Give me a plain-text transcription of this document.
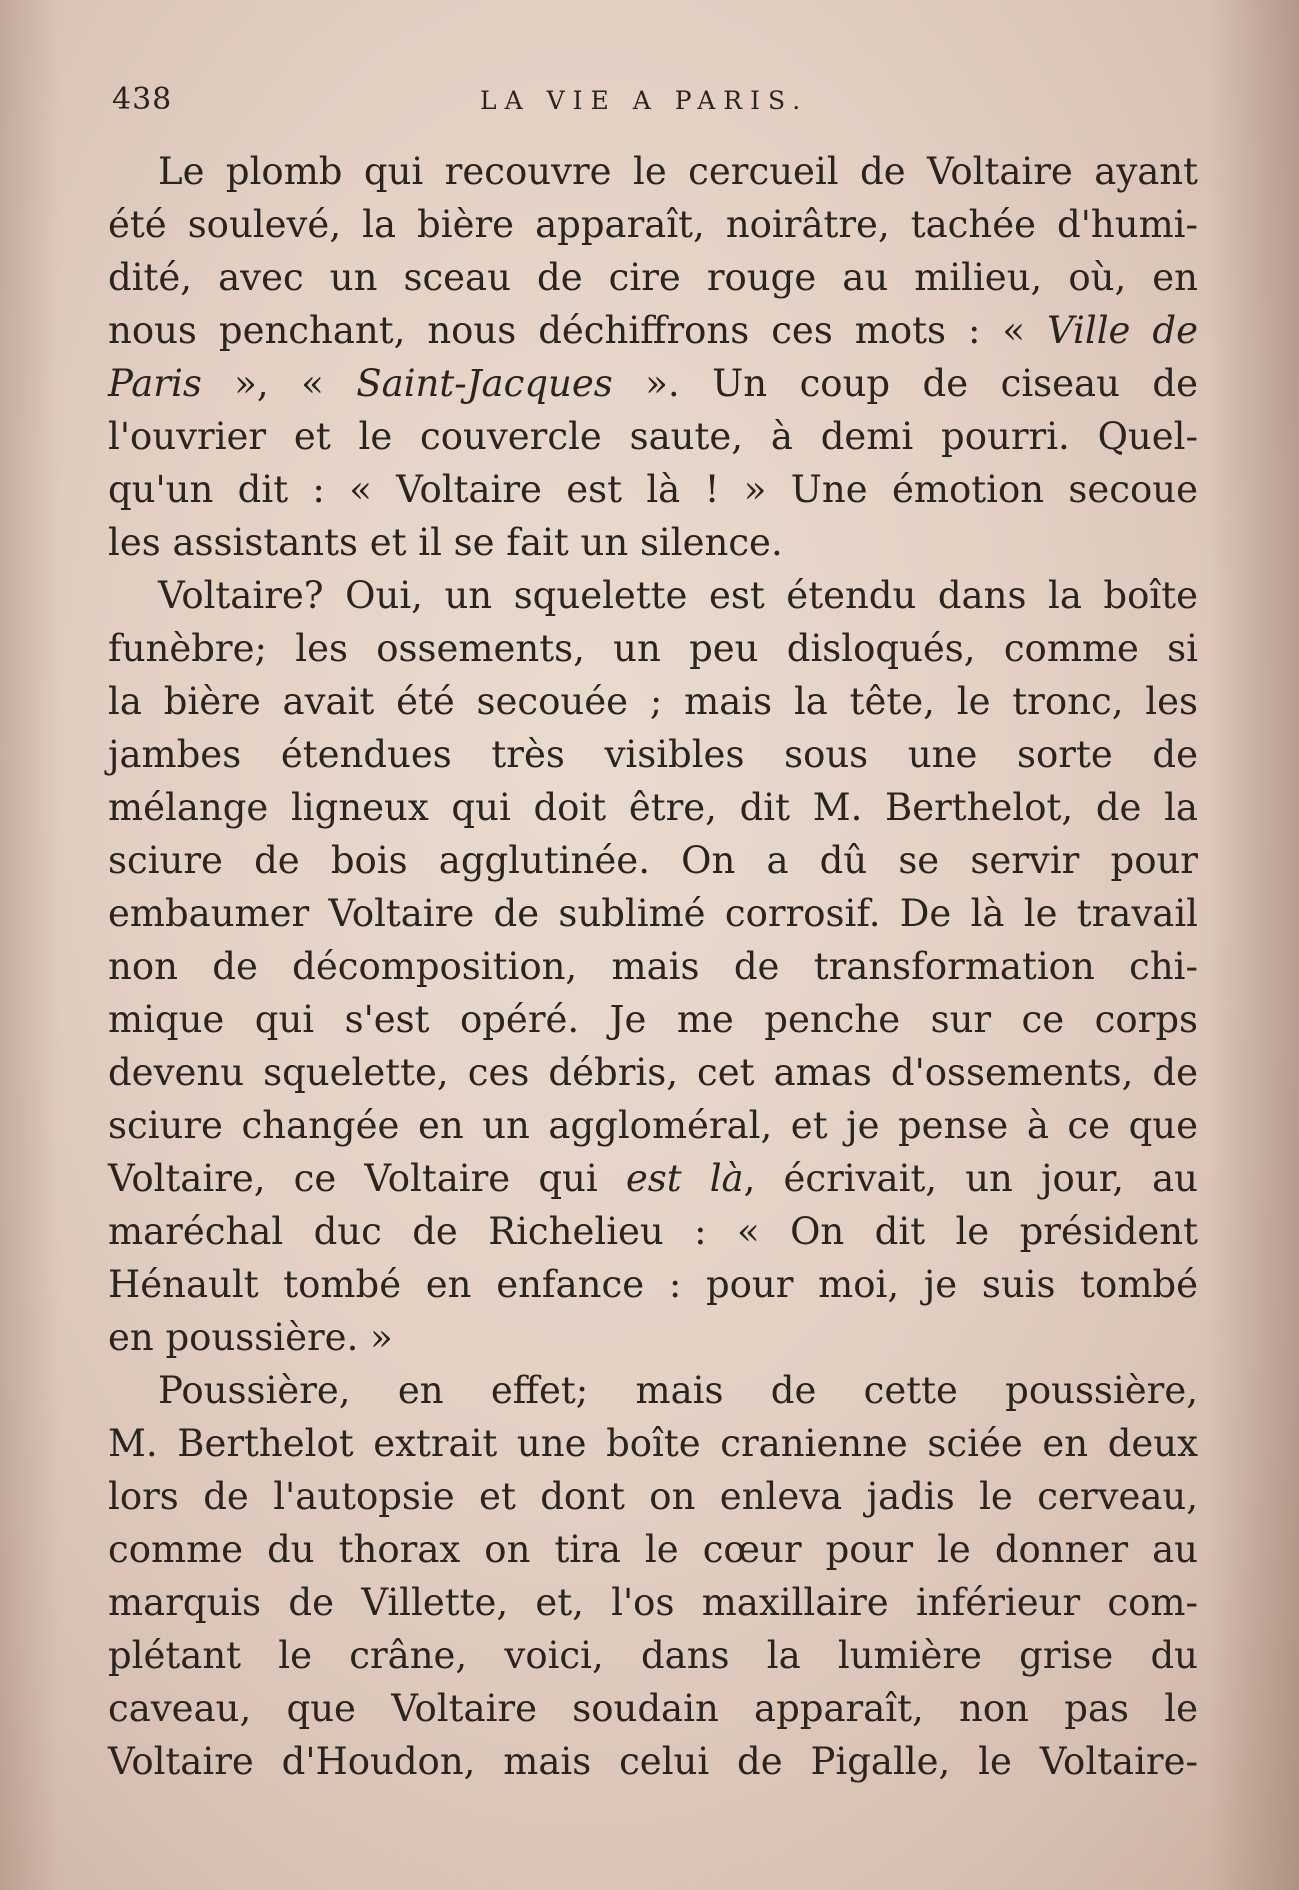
438	LA VIE A PARIS.
Le plomb qui recouvre le cercueil de Voltaire ayant
été soulevé, la bière apparaît, noirâtre, tachée d'humi-
dité, avec un sceau de cire rouge au milieu, où, en
nous penchant, nous déchiffrons ces mots : « Ville de
Paris », « Saint-Jacques ». Un coup de ciseau de
l'ouvrier et le couvercle saute, à demi pourri. Quel-
qu'un dit : « Voltaire est là ! » Une émotion secoue
les assistants et il se fait un silence.
Voltaire? Oui, un squelette est étendu dans la boîte
funèbre; les ossements, un peu disloqués, comme si
la bière avait été secouée ; mais la tête, le tronc, les
jambes étendues très visibles sous une sorte de
mélange ligneux qui doit être, dit M. Berthelot, de la
sciure de bois agglutinée. On a dû se servir pour
embaumer Voltaire de sublimé corrosif. De là le travail
non de décomposition, mais de transformation chi-
mique qui s'est opéré. Je me penche sur ce corps
devenu squelette, ces débris, cet amas d'ossements, de
sciure changée en un aggloméral, et je pense à ce que
Voltaire, ce Voltaire qui est là, écrivait, un jour, au
maréchal duc de Richelieu : « On dit le président
Hénault tombé en enfance : pour moi, je suis tombé
en poussière. »
Poussière, en effet; mais de cette poussière,
M. Berthelot extrait une boîte cranienne sciée en deux
lors de l'autopsie et dont on enleva jadis le cerveau,
comme du thorax on tira le cœur pour le donner au
marquis de Villette, et, l'os maxillaire inférieur com-
plétant le crâne, voici, dans la lumière grise du
caveau, que Voltaire soudain apparaît, non pas le
Voltaire d'Houdon, mais celui de Pigalle, le Voltaire-
